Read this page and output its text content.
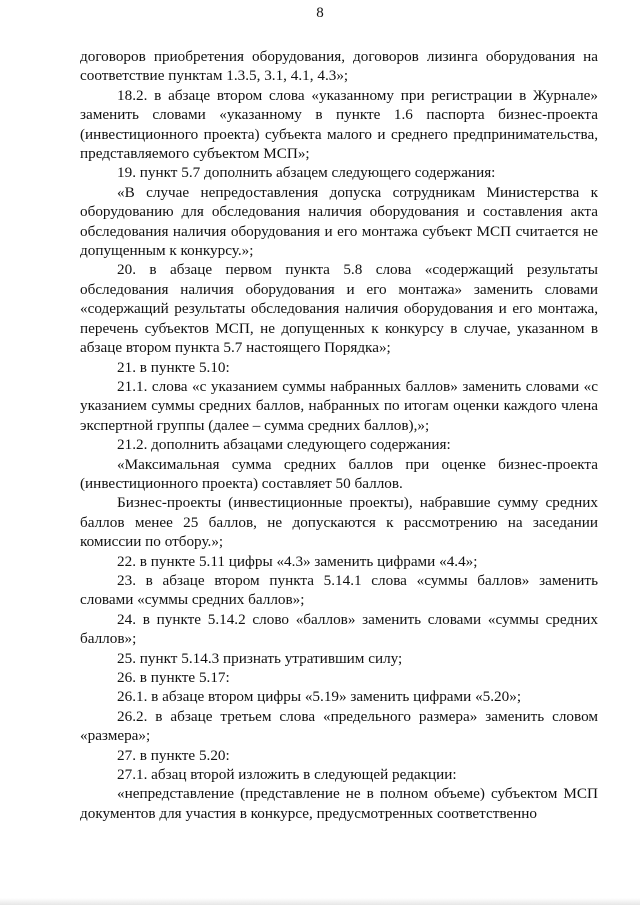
8

договоров приобретения оборудования, договоров лизинга оборудования на соответствие пунктам 1.3.5, 3.1, 4.1, 4.3»;

18.2. в абзаце втором слова «указанному при регистрации в Журнале» заменить словами «указанному в пункте 1.6 паспорта бизнес-проекта (инвестиционного проекта) субъекта малого и среднего предпринимательства, представляемого субъектом МСП»;

19. пункт 5.7 дополнить абзацем следующего содержания:

«В случае непредоставления допуска сотрудникам Министерства к оборудованию для обследования наличия оборудования и составления акта обследования наличия оборудования и его монтажа субъект МСП считается не допущенным к конкурсу.»;

20. в абзаце первом пункта 5.8 слова «содержащий результаты обследования наличия оборудования и его монтажа» заменить словами «содержащий результаты обследования наличия оборудования и его монтажа, перечень субъектов МСП, не допущенных к конкурсу в случае, указанном в абзаце втором пункта 5.7 настоящего Порядка»;

21. в пункте 5.10:

21.1. слова «с указанием суммы набранных баллов» заменить словами «с указанием суммы средних баллов, набранных по итогам оценки каждого члена экспертной группы (далее – сумма средних баллов),»;

21.2. дополнить абзацами следующего содержания:

«Максимальная сумма средних баллов при оценке бизнес-проекта (инвестиционного проекта) составляет 50 баллов.

Бизнес-проекты (инвестиционные проекты), набравшие сумму средних баллов менее 25 баллов, не допускаются к рассмотрению на заседании комиссии по отбору.»;

22. в пункте 5.11 цифры «4.3» заменить цифрами «4.4»;

23. в абзаце втором пункта 5.14.1 слова «суммы баллов» заменить словами «суммы средних баллов»;

24. в пункте 5.14.2 слово «баллов» заменить словами «суммы средних баллов»;

25. пункт 5.14.3 признать утратившим силу;

26. в пункте 5.17:

26.1. в абзаце втором цифры «5.19» заменить цифрами «5.20»;

26.2. в абзаце третьем слова «предельного размера» заменить словом «размера»;

27. в пункте 5.20:

27.1. абзац второй изложить в следующей редакции:

«непредставление (представление не в полном объеме) субъектом МСП документов для участия в конкурсе, предусмотренных соответственно
